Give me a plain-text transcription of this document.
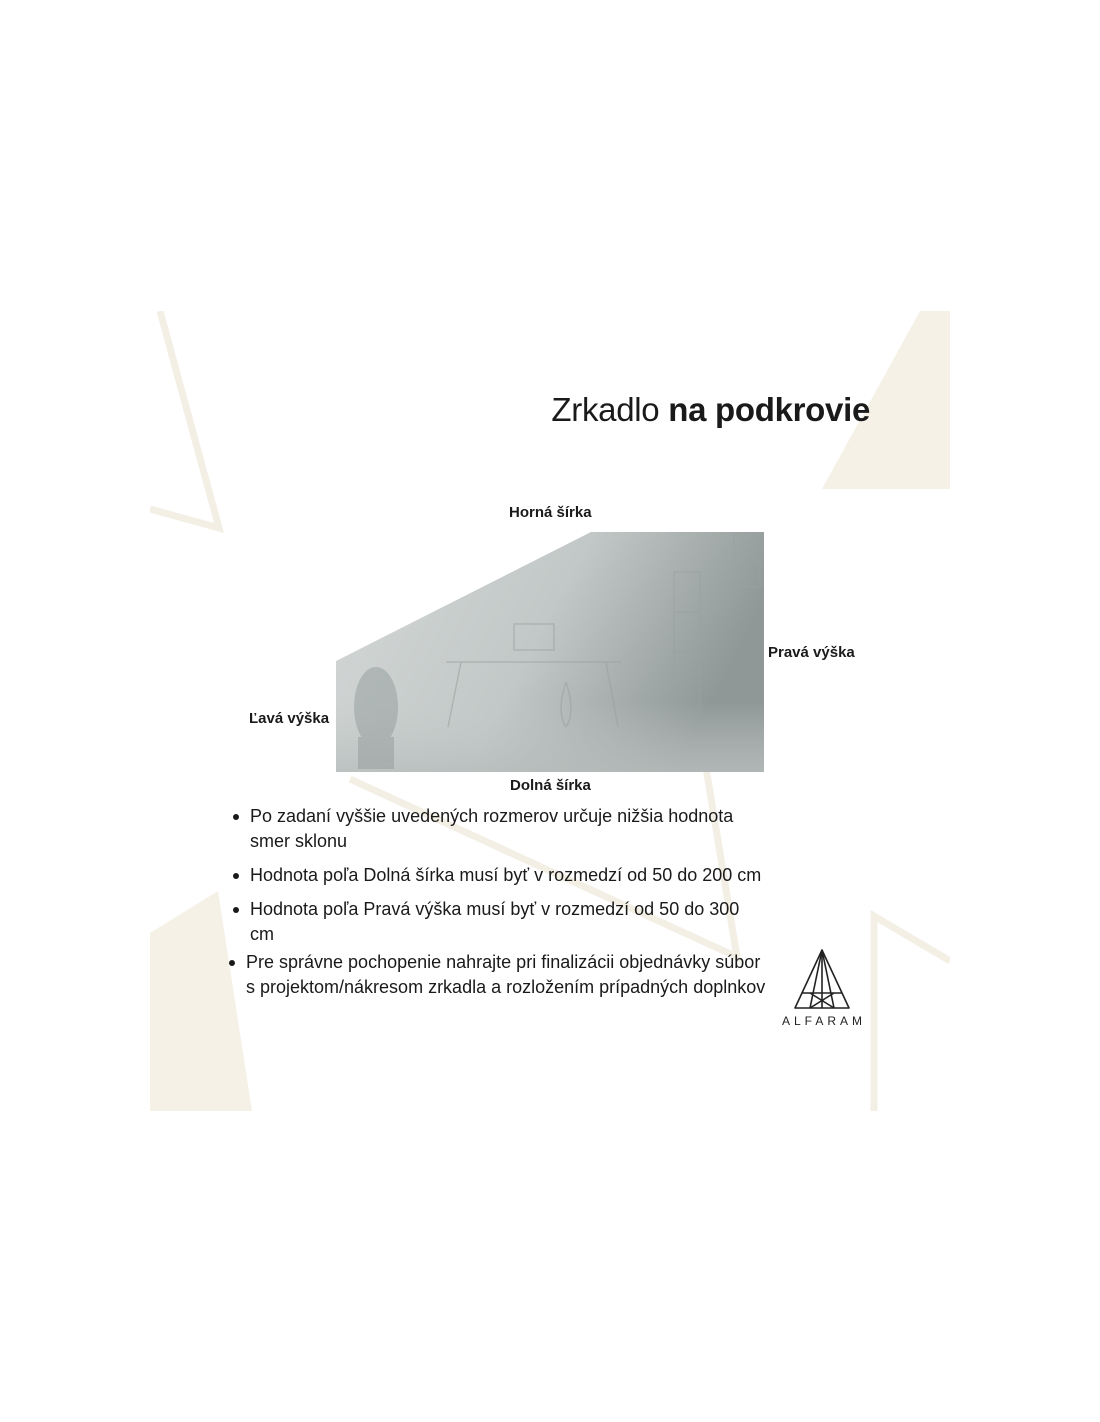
Zrkadlo na podkrovie
Horná šírka
Pravá výška
Ľavá výška
Dolná šírka
Po zadaní vyššie uvedených rozmerov určuje nižšia hodnota smer sklonu
Hodnota poľa Dolná šírka musí byť v rozmedzí od 50 do 200 cm
Hodnota poľa Pravá výška musí byť v rozmedzí od 50 do 300 cm
Pre správne pochopenie nahrajte pri finalizácii objednávky súbor s projektom/nákresom zrkadla a rozložením prípadných doplnkov
ALFARAM
